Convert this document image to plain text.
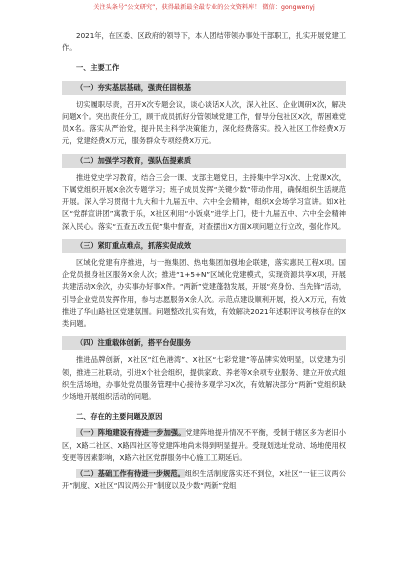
关注头条号“公文研究”，获得最新最全最专业的公文资料库！ 微信：gongwenyj

2021年，在区委、区政府的领导下，本人团结带领办事处干部职工，扎实开展党建工作。

一、主要工作
（一）夯实基层基础，强责任固根基

切实履职尽责，召开X次专题会议，谈心谈话X人次，深入社区、企业调研X次，解决问题X个。突出责任分工，顾干成员抓好分管领域党建工作，督导分包社区X次，帮困难党员X名。落实从严治党，提升民主科学决策能力，深化经费落实。投入社区工作经费X万元，党建经费X万元，服务群众专项经费X万元。

（二）加强学习教育，强队伍提素质

推进党史学习教育，结合三会一课、支部主题党日，主持集中学习X次、上党课X次，下属党组织开展X余次专题学习；班子成员发挥“关键少数”带动作用，确保组织生活规范开展。深入学习贯彻十九大和十九届五中、六中全会精神，组织X会场学习宣讲。如X社区“党群宣讲团”寓教于乐，X社区利用“小饭桌”进学上门，使十九届五中、六中全会精神深入民心。落实“五查五改五促”集中督查，对查摆出X方面X项问题立行立改，强化作风。

（三）紧盯重点难点，抓落实促成效

区域化党建有序推进，与一拖集团、热电集团加强地企联建，落实惠民工程X项。国企党员报身社区服务X余人次；推进“1+5+N”区域化党建模式，实现资源共享X项，开展共建活动X余次，办实事办好事X件。“两新”党建蓬勃发展，开展“亮身份、当先锋”活动，引导企业党员发挥作用，参与志愿服务X余人次。示范点建设顺利开展，投入X万元，有效推进了华山路社区党建氛围。问题整改扎实有效，有效解决2021年述职评议考核存在的X类问题。

（四）注重载体创新，搭平台促服务

推进品牌创新，X社区“红色港湾”、X社区“七彩党建”等品牌实效明显，以党建为引领，推进三社联动，引进X个社会组织，提供家政、养老等X余项专业服务、建立开放式组织生活场地，办事处党员服务管理中心接待多观学习X次，有效解决部分“两新”党组织缺少场地开展组织活动的问题。

二、存在的主要问题及原因

（一）阵地建设有待进一步加强。党建阵地提升情况不平衡，受制于辖区多为老旧小区，X路二社区、X路四社区等党建阵地尚未得到明显提升。受现划选址党动、场地使用权变更等因素影响，X路六社区党群服务中心施工工期延后。

（二）基础工作有待进一步规范。组织生活制度落实还不到位，X社区“一征三议两公开”制度、X社区“四议两公开”制度以及少数“两新”党组
